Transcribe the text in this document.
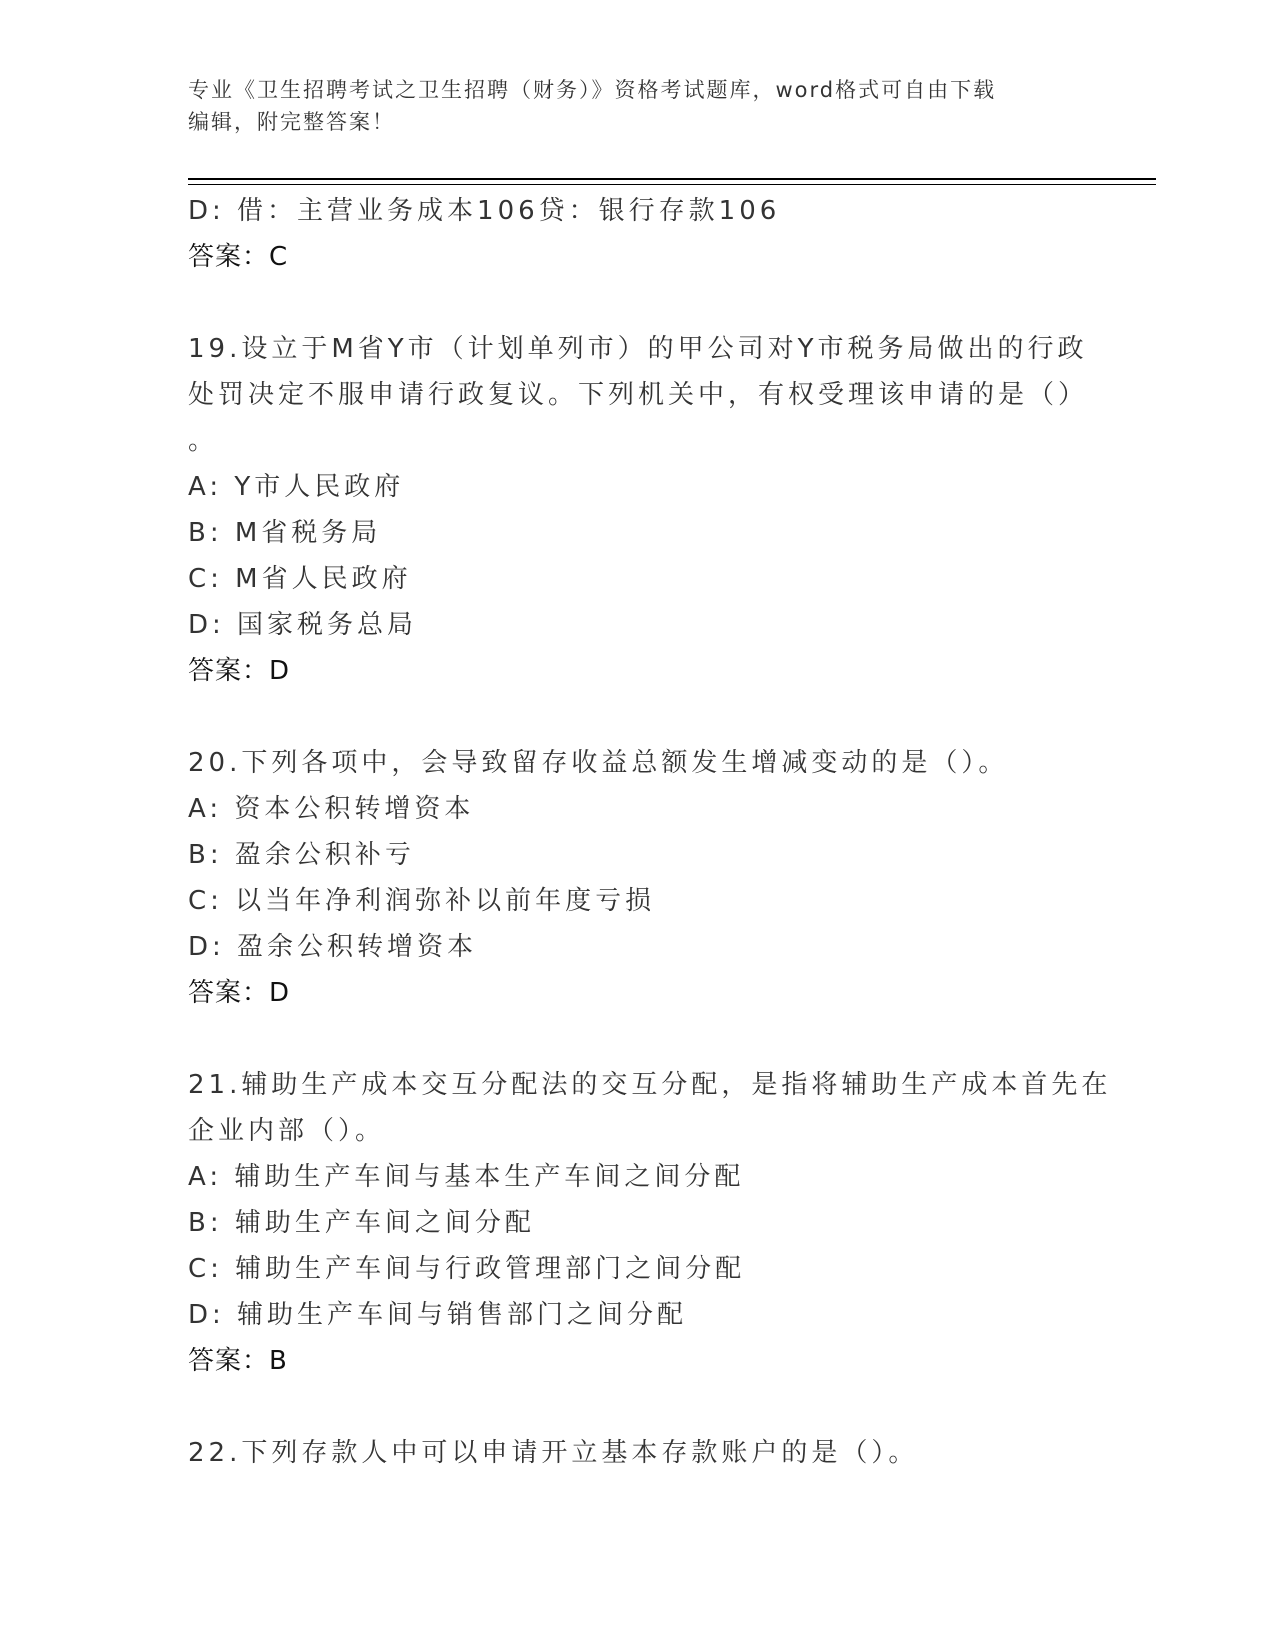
专业《卫生招聘考试之卫生招聘（财务）》资格考试题库，word格式可自由下载
编辑，附完整答案！
D: 借：主营业务成本106贷：银行存款106
答案：C
19.设立于M省Y市（计划单列市）的甲公司对Y市税务局做出的行政
处罚决定不服申请行政复议。下列机关中，有权受理该申请的是（）
。
A: Y市人民政府
B: M省税务局
C: M省人民政府
D: 国家税务总局
答案：D
20.下列各项中，会导致留存收益总额发生增减变动的是（）。
A: 资本公积转增资本
B: 盈余公积补亏
C: 以当年净利润弥补以前年度亏损
D: 盈余公积转增资本
答案：D
21.辅助生产成本交互分配法的交互分配，是指将辅助生产成本首先在
企业内部（）。
A: 辅助生产车间与基本生产车间之间分配
B: 辅助生产车间之间分配
C: 辅助生产车间与行政管理部门之间分配
D: 辅助生产车间与销售部门之间分配
答案：B
22.下列存款人中可以申请开立基本存款账户的是（）。
